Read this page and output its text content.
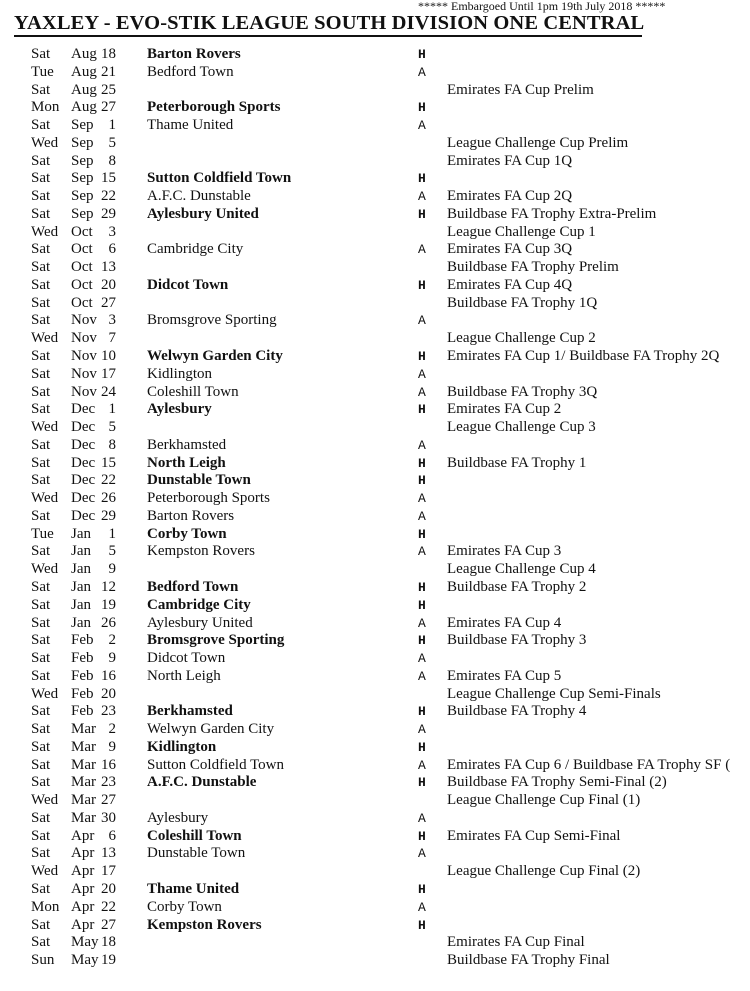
***** Embargoed Until 1pm 19th July 2018 *****
YAXLEY - EVO-STIK LEAGUE SOUTH DIVISION ONE CENTRAL
Sat Aug 18 Barton Rovers	H
Tue Aug 21 Bedford Town	A
Sat Aug 25	Emirates FA Cup Prelim
Mon Aug 27 Peterborough Sports	H
Sat Sep	1 Thame United	A
Wed Sep	5	League Challenge Cup Prelim
Sat Sep	8	Emirates FA Cup 1Q
Sat Sep 15 Sutton Coldfield Town	H
Sat Sep 22 A.F.C. Dunstable	A Emirates FA Cup 2Q
Sat Sep 29 Aylesbury United	H Buildbase FA Trophy Extra-Prelim
Wed Oct	3	League Challenge Cup 1
Sat Oct	6 Cambridge City	A Emirates FA Cup 3Q
Sat Oct 13	Buildbase FA Trophy Prelim
Sat Oct 20 Didcot Town	H Emirates FA Cup 4Q
Sat Oct 27	Buildbase FA Trophy 1Q
Sat Nov 3 Bromsgrove Sporting	A
Wed Nov 7	League Challenge Cup 2
Sat Nov 10 Welwyn Garden City	H Emirates FA Cup 1/ Buildbase FA Trophy 2Q
Sat Nov 17 Kidlington	A
Sat Nov 24 Coleshill Town	A Buildbase FA Trophy 3Q
Sat Dec 1 Aylesbury	H Emirates FA Cup 2
Wed Dec 5	League Challenge Cup 3
Sat Dec 8 Berkhamsted	A
Sat Dec 15 North Leigh	H Buildbase FA Trophy 1
Sat Dec 22 Dunstable Town	H
Wed Dec 26 Peterborough Sports	A
Sat Dec 29 Barton Rovers	A
Tue Jan	1 Corby Town	H
Sat Jan	5 Kempston Rovers	A Emirates FA Cup 3
Wed Jan	9	League Challenge Cup 4
Sat Jan 12 Bedford Town	H Buildbase FA Trophy 2
Sat Jan 19 Cambridge City	H
Sat Jan 26 Aylesbury United	A Emirates FA Cup 4
Sat Feb	2 Bromsgrove Sporting	H Buildbase FA Trophy 3
Sat Feb	9 Didcot Town	A
Sat Feb 16 North Leigh	A Emirates FA Cup 5
Wed Feb 20	League Challenge Cup Semi-Finals
Sat Feb 23 Berkhamsted	H Buildbase FA Trophy 4
Sat Mar 2 Welwyn Garden City	A
Sat Mar 9 Kidlington	H
Sat Mar 16 Sutton Coldfield Town	A Emirates FA Cup 6 / Buildbase FA Trophy SF (
Sat Mar 23 A.F.C. Dunstable	H Buildbase FA Trophy Semi-Final (2)
Wed Mar 27	League Challenge Cup Final (1)
Sat Mar 30 Aylesbury	A
Sat Apr 6 Coleshill Town	H Emirates FA Cup Semi-Final
Sat Apr 13 Dunstable Town	A
Wed Apr 17	League Challenge Cup Final (2)
Sat Apr 20 Thame United	H
Mon Apr 22 Corby Town	A
Sat Apr 27 Kempston Rovers	H
Sat May 18	Emirates FA Cup Final
Sun May 19	Buildbase FA Trophy Final
